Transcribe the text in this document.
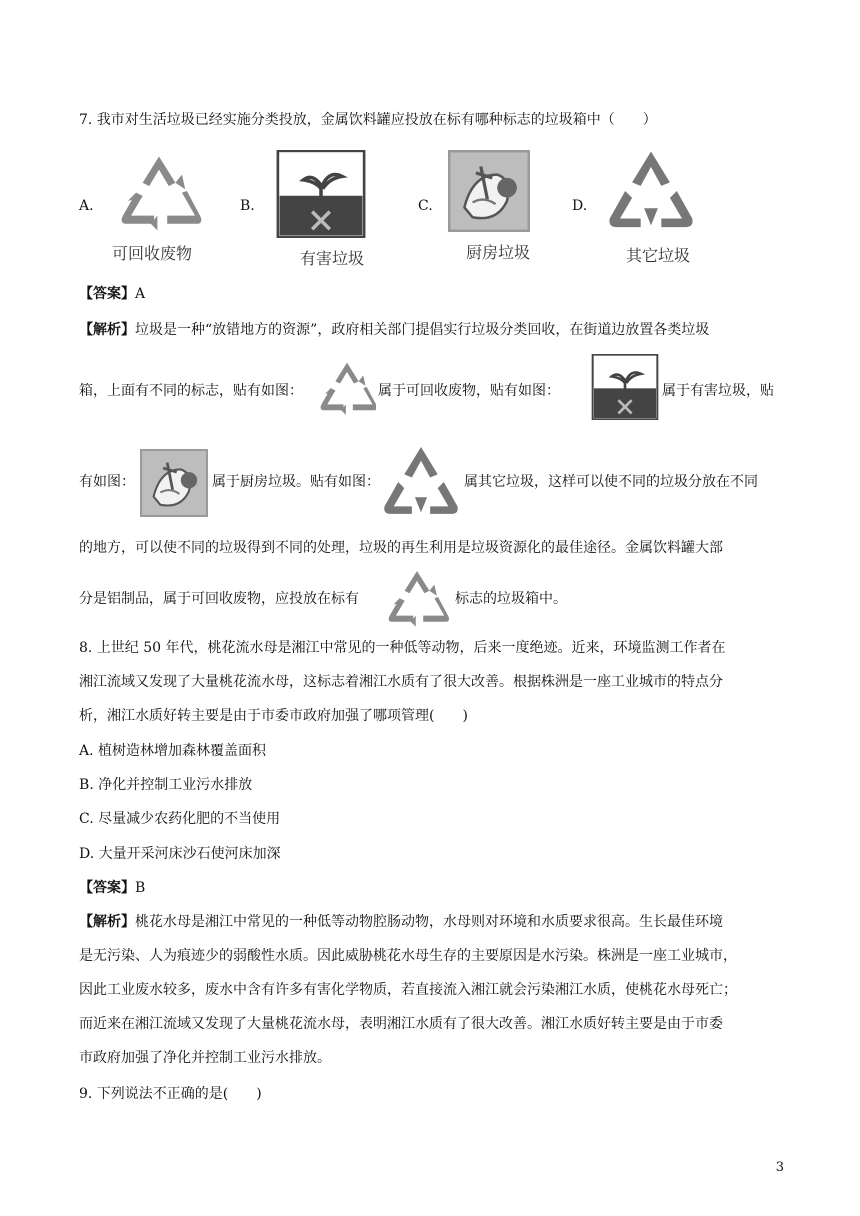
7. 我市对生活垃圾已经实施分类投放，金属饮料罐应投放在标有哪种标志的垃圾箱中（　　）
A.
可回收废物
B.
有害垃圾
C.
厨房垃圾
D.
其它垃圾
【答案】A
【解析】垃圾是一种“放错地方的资源”，政府相关部门提倡实行垃圾分类回收，在街道边放置各类垃圾
箱，上面有不同的标志，贴有如图：	属于可回收废物，贴有如图：	属于有害垃圾，贴
有如图：	属于厨房垃圾。贴有如图：	属其它垃圾，这样可以使不同的垃圾分放在不同
的地方，可以使不同的垃圾得到不同的处理，垃圾的再生利用是垃圾资源化的最佳途径。金属饮料罐大部
分是铝制品，属于可回收废物，应投放在标有	标志的垃圾箱中。
8. 上世纪 50 年代，桃花流水母是湘江中常见的一种低等动物，后来一度绝迹。近来，环境监测工作者在
湘江流域又发现了大量桃花流水母，这标志着湘江水质有了很大改善。根据株洲是一座工业城市的特点分
析，湘江水质好转主要是由于市委市政府加强了哪项管理(　　)
A. 植树造林增加森林覆盖面积
B. 净化并控制工业污水排放
C. 尽量减少农药化肥的不当使用
D. 大量开采河床沙石使河床加深
【答案】B
【解析】桃花水母是湘江中常见的一种低等动物腔肠动物，水母则对环境和水质要求很高。生长最佳环境
是无污染、人为痕迹少的弱酸性水质。因此威胁桃花水母生存的主要原因是水污染。株洲是一座工业城市，
因此工业废水较多，废水中含有许多有害化学物质，若直接流入湘江就会污染湘江水质，使桃花水母死亡；
而近来在湘江流域又发现了大量桃花流水母，表明湘江水质有了很大改善。湘江水质好转主要是由于市委
市政府加强了净化并控制工业污水排放。
9. 下列说法不正确的是(　　)
3
